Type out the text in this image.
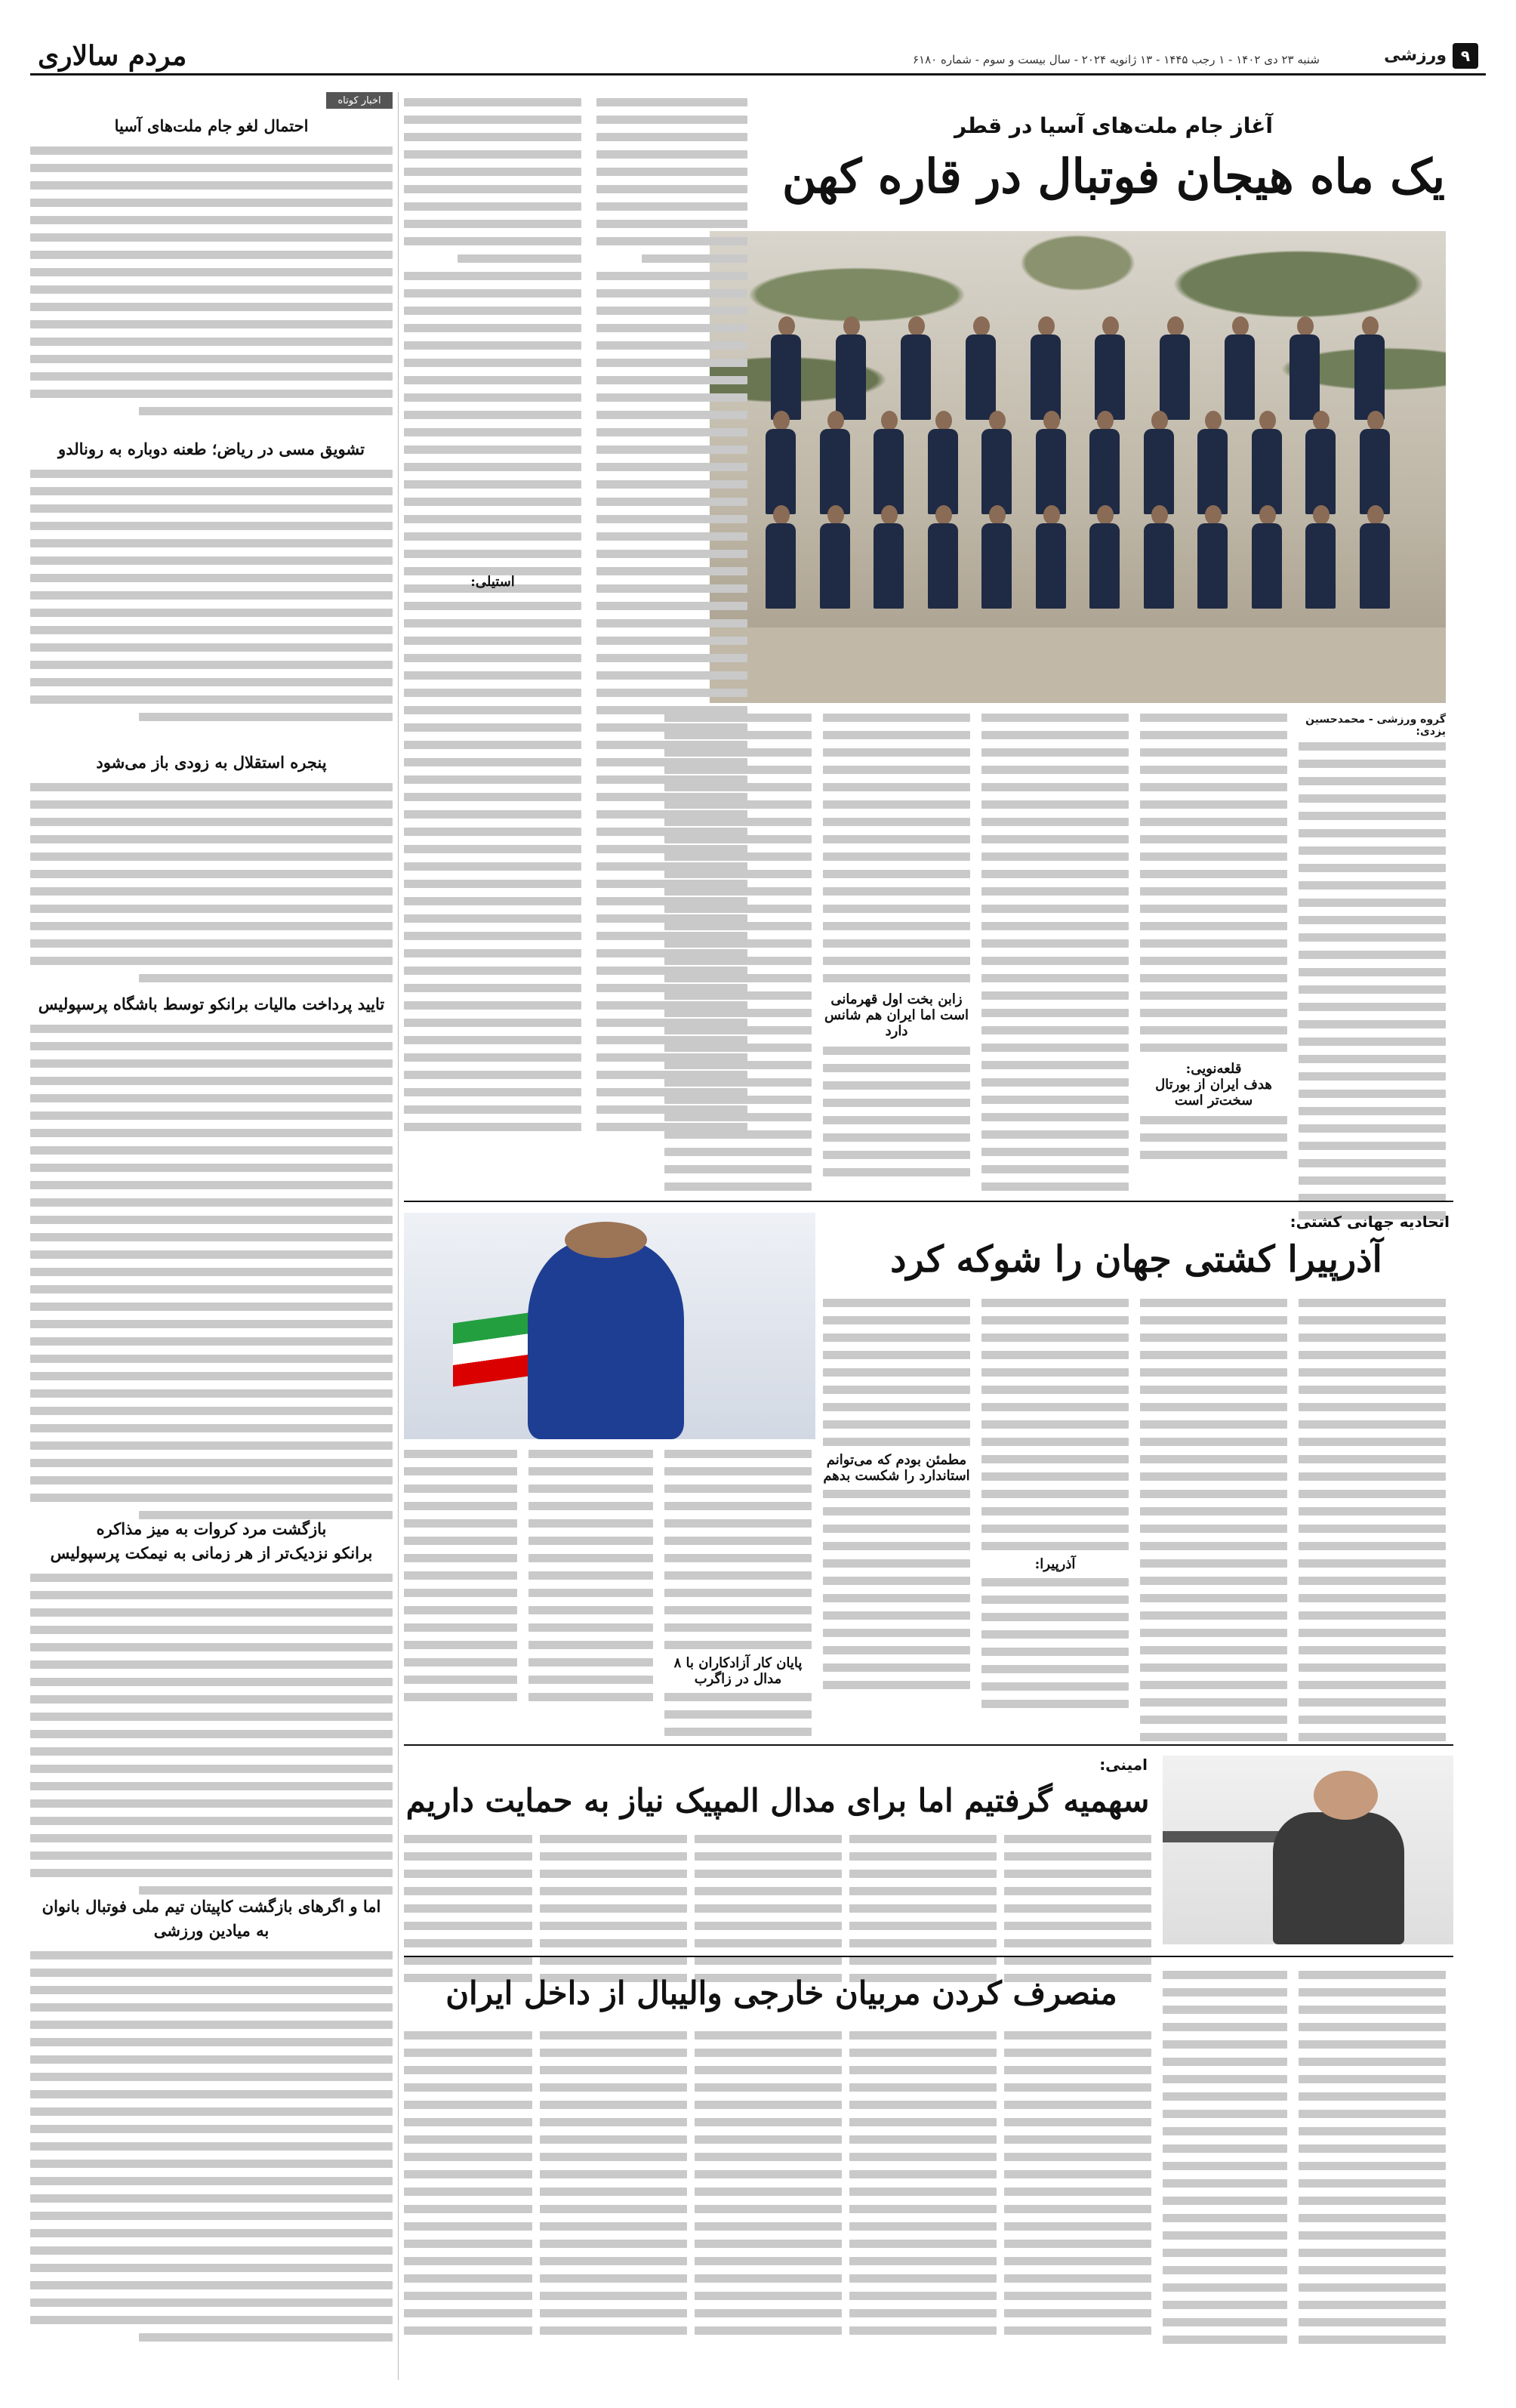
۹
ورزشی
مردم سالاری	شنبه ۲۳ دی ۱۴۰۲ - ۱ رجب ۱۴۴۵ - ۱۳ ژانویه ۲۰۲۴ - سال بیست و سوم - شماره ۶۱۸۰
آغاز جام ملت‌های آسیا در قطر
یک ماه هیجان فوتبال در قاره کهن
گروه ورزشی - محمدحسین یزدی:
قلعه‌نویی:
هدف ایران از بورتال سخت‌تر است
زابن بخت اول قهرمانی است اما ایران هم شانس دارد
استیلی:
اتحادیه جهانی کشتی:
آذرپیرا کشتی جهان را شوکه کرد
آذرپیرا:
مطمئن بودم که می‌توانم استاندارد را شکست بدهم
پایان کار آزادکاران با ۸ مدال در زاگرب
امینی:
سهمیه گرفتیم اما برای مدال المپیک نیاز به حمایت داریم
منصرف کردن مربیان خارجی والیبال از داخل ایران
اخبار کوتاه
احتمال لغو جام ملت‌های آسیا
تشویق مسی در ریاض؛ طعنه دوباره به رونالدو
پنجره استقلال به زودی باز می‌شود
تایید پرداخت مالیات برانکو توسط باشگاه پرسپولیس
بازگشت مرد کروات به میز مذاکره
برانکو نزدیک‌تر از هر زمانی به نیمکت پرسپولیس
اما و اگرهای بازگشت کاپیتان تیم ملی فوتبال بانوان
به میادین ورزشی
